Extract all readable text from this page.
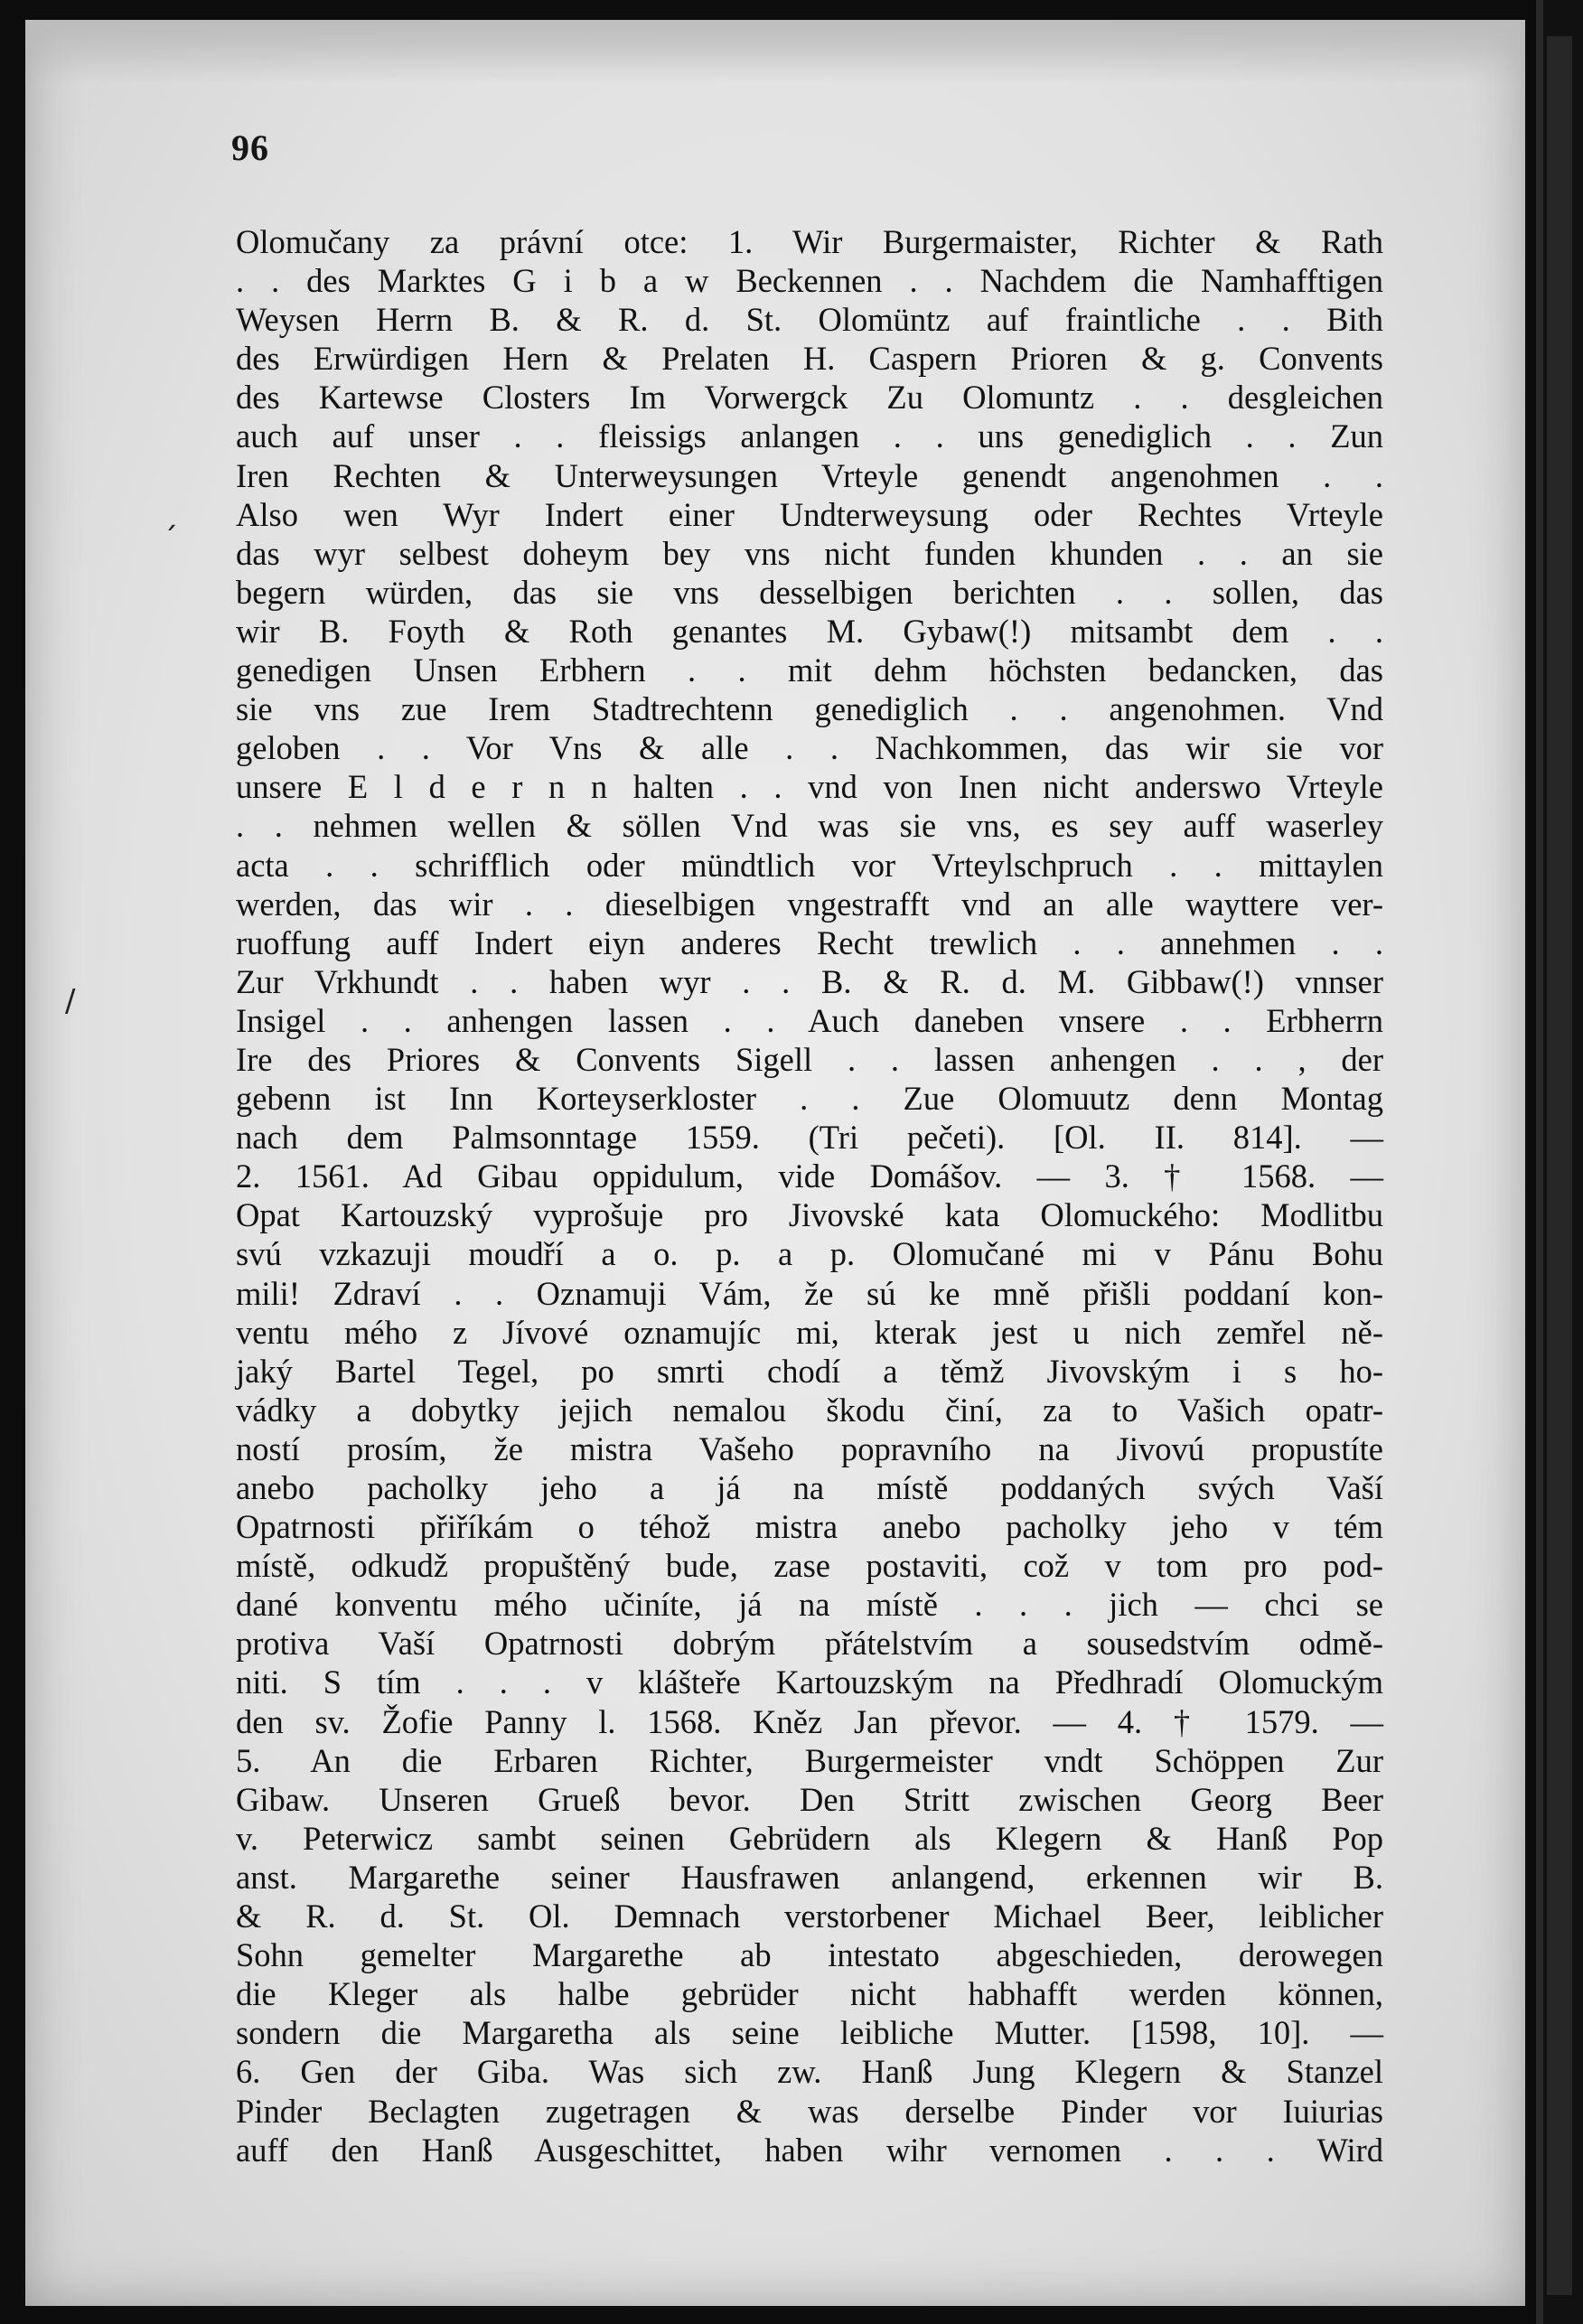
96
ˏ
/
Olomučany za právní otce: 1. Wir Burgermaister, Richter & Rath
. . des Marktes G i b a w Beckennen . . Nachdem die Namhafftigen
Weysen Herrn B. & R. d. St. Olomüntz auf fraintliche . . Bith
des Erwürdigen Hern & Prelaten H. Caspern Prioren & g. Convents
des Kartewse Closters Im Vorwergck Zu Olomuntz . . desgleichen
auch auf unser . . fleissigs anlangen . . uns genediglich . . Zun
Iren Rechten & Unterweysungen Vrteyle genendt angenohmen . .
Also wen Wyr Indert einer Undterweysung oder Rechtes Vrteyle
das wyr selbest doheym bey vns nicht funden khunden . . an sie
begern würden, das sie vns desselbigen berichten . . sollen, das
wir B. Foyth & Roth genantes M. Gybaw(!) mitsambt dem . .
genedigen Unsen Erbhern . . mit dehm höchsten bedancken, das
sie vns zue Irem Stadtrechtenn genediglich . . angenohmen. Vnd
geloben . . Vor Vns & alle . . Nachkommen, das wir sie vor
unsere E l d e r n n halten . . vnd von Inen nicht anderswo Vrteyle
. . nehmen wellen & söllen Vnd was sie vns, es sey auff waserley
acta . . schrifflich oder mündtlich vor Vrteylschpruch . . mittaylen
werden, das wir . . dieselbigen vngestrafft vnd an alle wayttere ver-
ruoffung auff Indert eiyn anderes Recht trewlich . . annehmen . .
Zur Vrkhundt . . haben wyr . . B. & R. d. M. Gibbaw(!) vnnser
Insigel . . anhengen lassen . . Auch daneben vnsere . . Erbherrn
Ire des Priores & Convents Sigell . . lassen anhengen . . , der
gebenn ist Inn Korteyserkloster . . Zue Olomuutz denn Montag
nach dem Palmsonntage 1559. (Tri pečeti). [Ol. II. 814]. —
2. 1561. Ad Gibau oppidulum, vide Domášov. — 3. † 1568. —
Opat Kartouzský vyprošuje pro Jivovské kata Olomuckého: Modlitbu
svú vzkazuji moudří a o. p. a p. Olomučané mi v Pánu Bohu
mili! Zdraví . . Oznamuji Vám, že sú ke mně přišli poddaní kon-
ventu mého z Jívové oznamujíc mi, kterak jest u nich zemřel ně-
jaký Bartel Tegel, po smrti chodí a těmž Jivovským i s ho-
vádky a dobytky jejich nemalou škodu činí, za to Vašich opatr-
ností prosím, že mistra Vašeho popravního na Jivovú propustíte
anebo pacholky jeho a já na místě poddaných svých Vaší
Opatrnosti přiříkám o téhož mistra anebo pacholky jeho v tém
místě, odkudž propuštěný bude, zase postaviti, což v tom pro pod-
dané konventu mého učiníte, já na místě . . . jich — chci se
protiva Vaší Opatrnosti dobrým přátelstvím a sousedstvím odmě-
niti. S tím . . . v klášteře Kartouzským na Předhradí Olomuckým
den sv. Žofie Panny l. 1568. Kněz Jan převor. — 4. † 1579. —
5. An die Erbaren Richter, Burgermeister vndt Schöppen Zur
Gibaw. Unseren Grueß bevor. Den Stritt zwischen Georg Beer
v. Peterwicz sambt seinen Gebrüdern als Klegern & Hanß Pop
anst. Margarethe seiner Hausfrawen anlangend, erkennen wir B.
& R. d. St. Ol. Demnach verstorbener Michael Beer, leiblicher
Sohn gemelter Margarethe ab intestato abgeschieden, derowegen
die Kleger als halbe gebrüder nicht habhafft werden können,
sondern die Margaretha als seine leibliche Mutter. [1598, 10]. —
6. Gen der Giba. Was sich zw. Hanß Jung Klegern & Stanzel
Pinder Beclagten zugetragen & was derselbe Pinder vor Iuiurias
auff den Hanß Ausgeschittet, haben wihr vernomen . . . Wird
